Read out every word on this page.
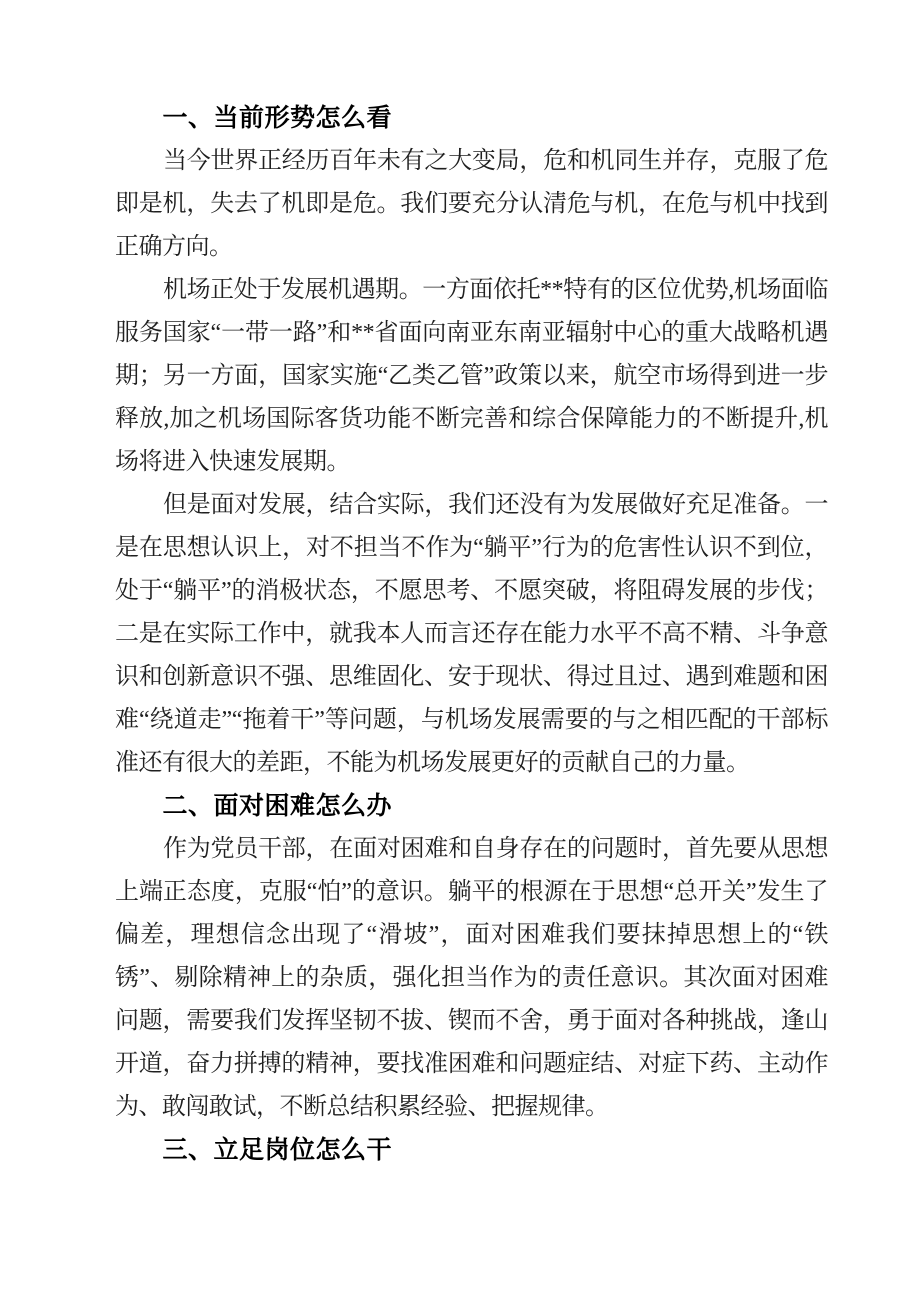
一、当前形势怎么看

当今世界正经历百年未有之大变局，危和机同生并存，克服了危即是机，失去了机即是危。我们要充分认清危与机，在危与机中找到正确方向。

机场正处于发展机遇期。一方面依托**特有的区位优势,机场面临服务国家“一带一路”和**省面向南亚东南亚辐射中心的重大战略机遇期；另一方面，国家实施“乙类乙管”政策以来，航空市场得到进一步释放,加之机场国际客货功能不断完善和综合保障能力的不断提升,机场将进入快速发展期。

但是面对发展，结合实际，我们还没有为发展做好充足准备。一是在思想认识上，对不担当不作为“躺平”行为的危害性认识不到位，处于“躺平”的消极状态，不愿思考、不愿突破，将阻碍发展的步伐；二是在实际工作中，就我本人而言还存在能力水平不高不精、斗争意识和创新意识不强、思维固化、安于现状、得过且过、遇到难题和困难“绕道走”“拖着干”等问题，与机场发展需要的与之相匹配的干部标准还有很大的差距，不能为机场发展更好的贡献自己的力量。

二、面对困难怎么办

作为党员干部，在面对困难和自身存在的问题时，首先要从思想上端正态度，克服“怕”的意识。躺平的根源在于思想“总开关”发生了偏差，理想信念出现了“滑坡”，面对困难我们要抹掉思想上的“铁锈”、剔除精神上的杂质，强化担当作为的责任意识。其次面对困难问题，需要我们发挥坚韧不拔、锲而不舍，勇于面对各种挑战，逢山开道，奋力拼搏的精神，要找准困难和问题症结、对症下药、主动作为、敢闯敢试，不断总结积累经验、把握规律。

三、立足岗位怎么干
